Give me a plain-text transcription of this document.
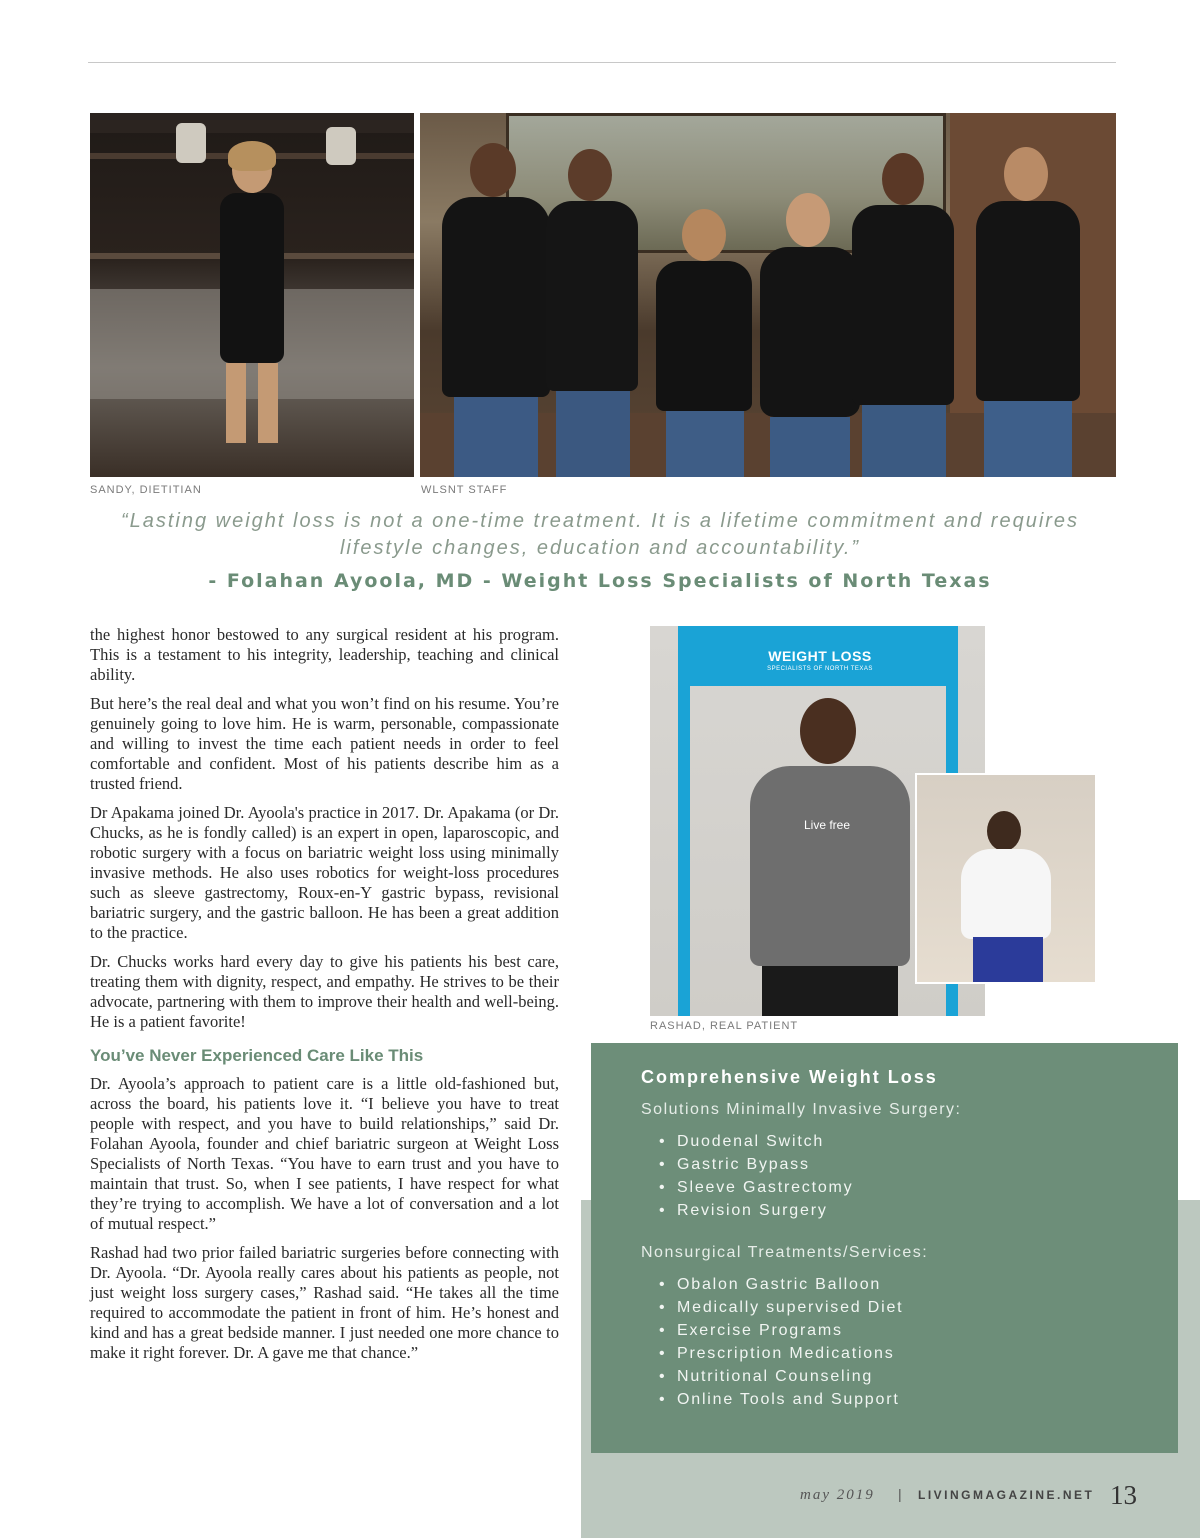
SANDY, DIETITIAN	WLSNT STAFF
“Lasting weight loss is not a one-time treatment. It is a lifetime commitment and requires lifestyle changes, education and accountability.”
- Folahan Ayoola, MD - Weight Loss Specialists of North Texas

the highest honor bestowed to any surgical resident at his program. This is a testament to his integrity, leadership, teaching and clinical ability.

But here’s the real deal and what you won’t find on his resume. You’re genuinely going to love him. He is warm, personable, compassionate and willing to invest the time each patient needs in order to feel comfortable and confident. Most of his patients describe him as a trusted friend.

Dr Apakama joined Dr. Ayoola's practice in 2017. Dr. Apakama (or Dr. Chucks, as he is fondly called) is an expert in open, laparoscopic, and robotic surgery with a focus on bariatric weight loss using minimally invasive methods. He also uses robotics for weight-loss procedures such as sleeve gastrectomy, Roux-en-Y gastric bypass, revisional bariatric surgery, and the gastric balloon. He has been a great addition to the practice.

Dr. Chucks works hard every day to give his patients his best care, treating them with dignity, respect, and empathy. He strives to be their advocate, partnering with them to improve their health and well-being. He is a patient favorite!

You’ve Never Experienced Care Like This

Dr. Ayoola’s approach to patient care is a little old-fashioned but, across the board, his patients love it. “I believe you have to treat people with respect, and you have to build relationships,” said Dr. Folahan Ayoola, founder and chief bariatric surgeon at Weight Loss Specialists of North Texas. “You have to earn trust and you have to maintain that trust. So, when I see patients, I have respect for what they’re trying to accomplish. We have a lot of conversation and a lot of mutual respect.”

Rashad had two prior failed bariatric surgeries before connecting with Dr. Ayoola. “Dr. Ayoola really cares about his patients as people, not just weight loss surgery cases,” Rashad said. “He takes all the time required to accommodate the patient in front of him. He’s honest and kind and has a great bedside manner. I just needed one more chance to make it right forever. Dr. A gave me that chance.”

WEIGHT LOSS
SPECIALISTS OF NORTH TEXAS
Live free
RASHAD, REAL PATIENT
Comprehensive Weight Loss
Solutions Minimally Invasive Surgery:
• Duodenal Switch
• Gastric Bypass
• Sleeve Gastrectomy
• Revision Surgery
Nonsurgical Treatments/Services:
• Obalon Gastric Balloon
• Medically supervised Diet
• Exercise Programs
• Prescription Medications
• Nutritional Counseling
• Online Tools and Support
may 2019 | LIVINGMAGAZINE.NET 13
